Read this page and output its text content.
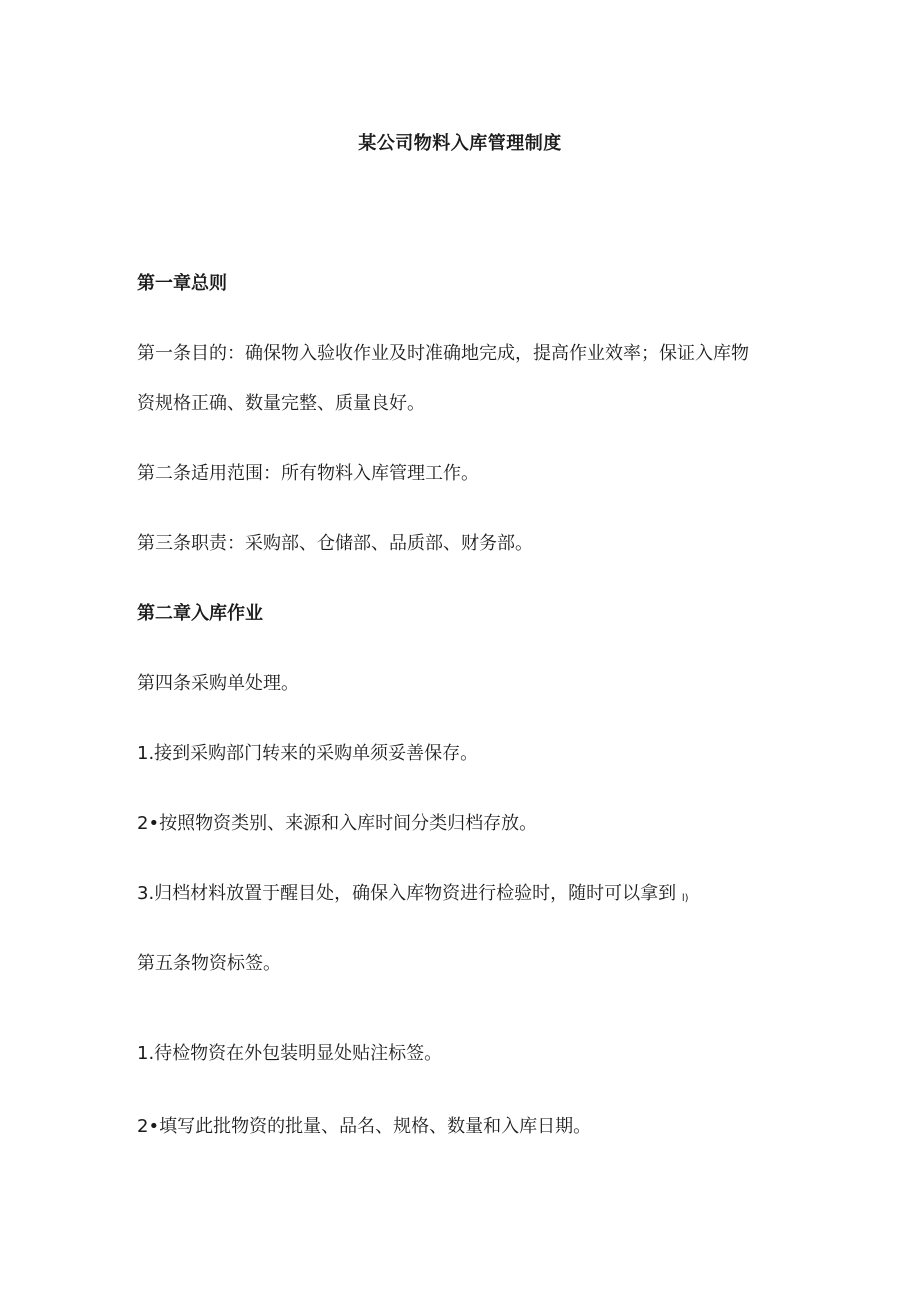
某公司物料入库管理制度
第一章总则
第一条目的：确保物入验收作业及时准确地完成，提高作业效率；保证入库物
资规格正确、数量完整、质量良好。
第二条适用范围：所有物料入库管理工作。
第三条职责：采购部、仓储部、品质部、财务部。
第二章入库作业
第四条采购单处理。
1.接到采购部门转来的采购单须妥善保存。
2•按照物资类别、来源和入库时间分类归档存放。
3.归档材料放置于醒目处，确保入库物资进行检验时，随时可以拿到 l)
第五条物资标签。
1.待检物资在外包装明显处贴注标签。
2•填写此批物资的批量、品名、规格、数量和入库日期。
